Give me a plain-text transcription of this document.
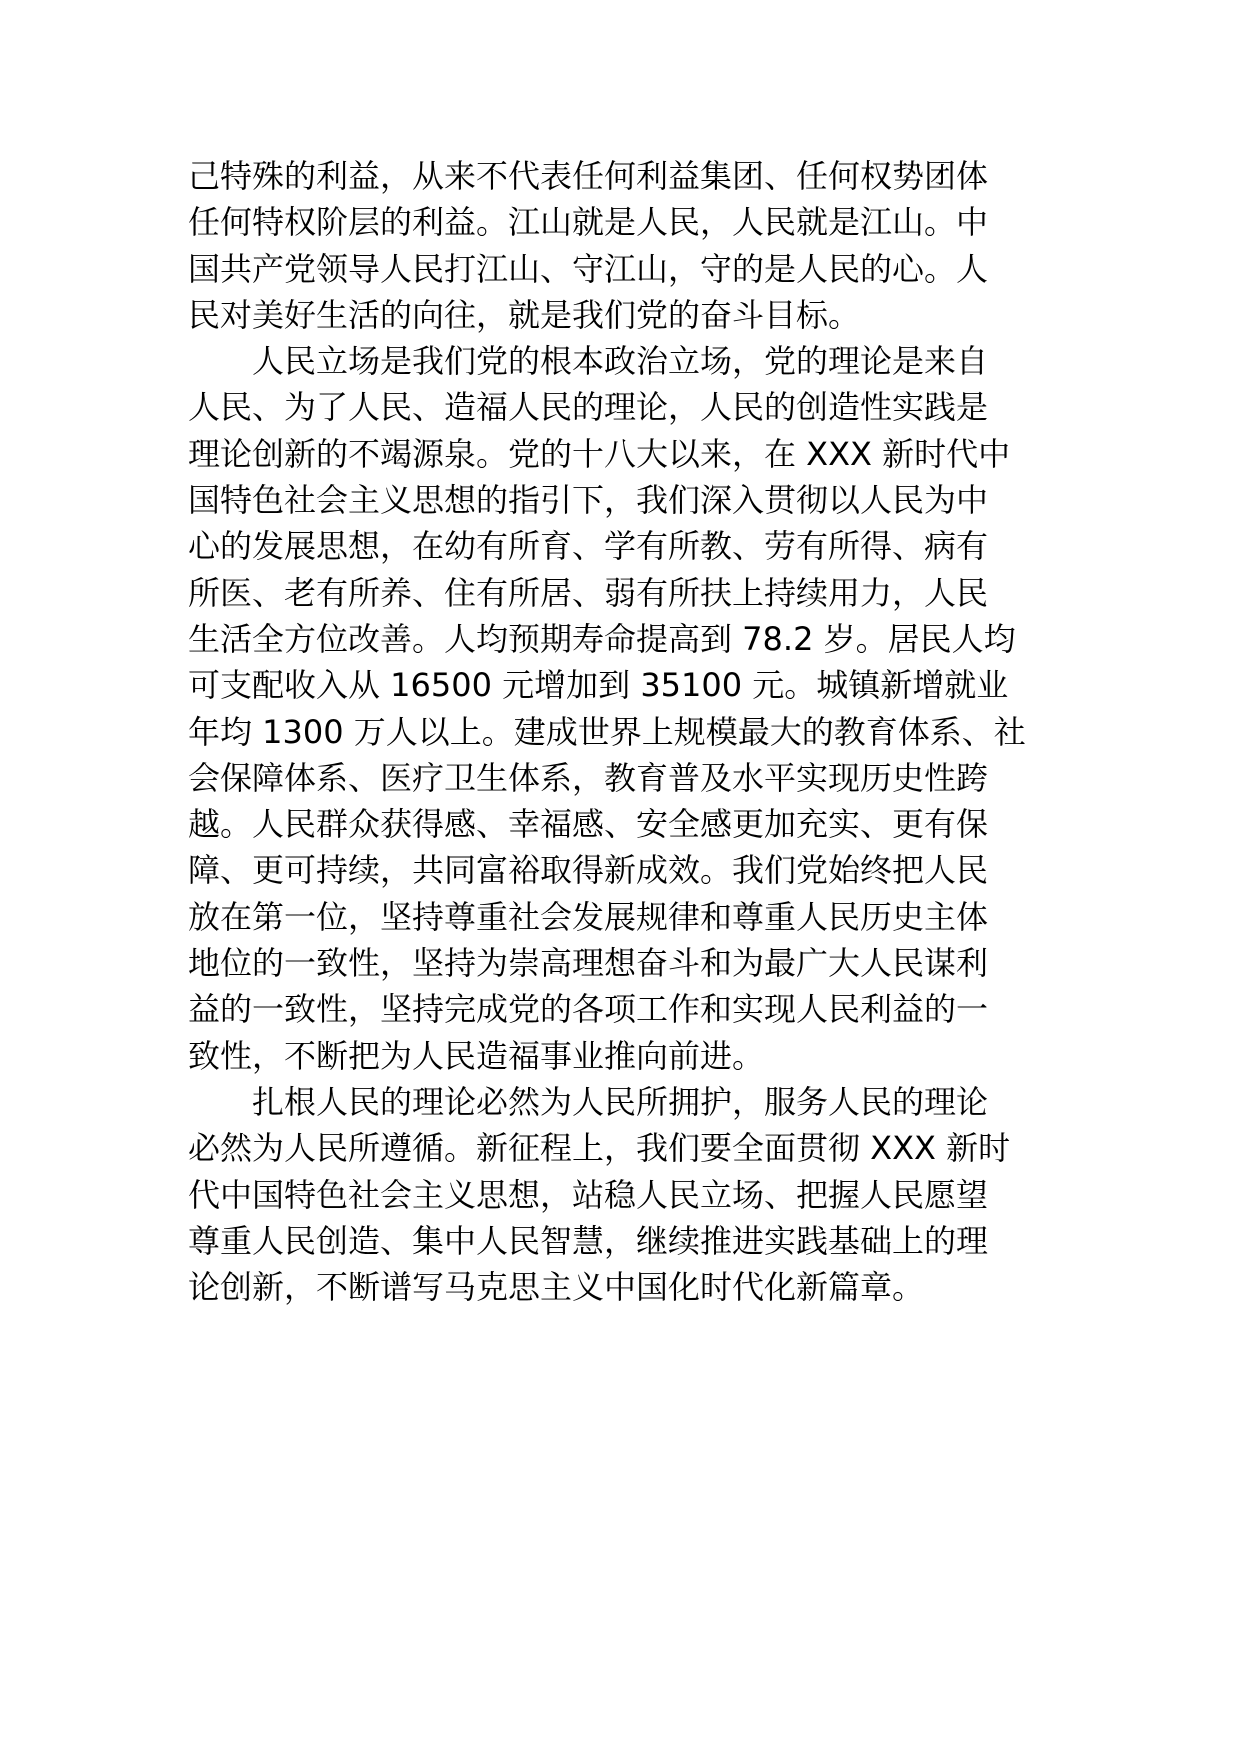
己特殊的利益，从来不代表任何利益集团、任何权势团体
任何特权阶层的利益。江山就是人民，人民就是江山。中
国共产党领导人民打江山、守江山，守的是人民的心。人
民对美好生活的向往，就是我们党的奋斗目标。
人民立场是我们党的根本政治立场，党的理论是来自
人民、为了人民、造福人民的理论，人民的创造性实践是
理论创新的不竭源泉。党的十八大以来，在 XXX 新时代中
国特色社会主义思想的指引下，我们深入贯彻以人民为中
心的发展思想，在幼有所育、学有所教、劳有所得、病有
所医、老有所养、住有所居、弱有所扶上持续用力，人民
生活全方位改善。人均预期寿命提高到 78.2 岁。居民人均
可支配收入从 16500 元增加到 35100 元。城镇新增就业
年均 1300 万人以上。建成世界上规模最大的教育体系、社
会保障体系、医疗卫生体系，教育普及水平实现历史性跨
越。人民群众获得感、幸福感、安全感更加充实、更有保
障、更可持续，共同富裕取得新成效。我们党始终把人民
放在第一位，坚持尊重社会发展规律和尊重人民历史主体
地位的一致性，坚持为崇高理想奋斗和为最广大人民谋利
益的一致性，坚持完成党的各项工作和实现人民利益的一
致性，不断把为人民造福事业推向前进。
扎根人民的理论必然为人民所拥护，服务人民的理论
必然为人民所遵循。新征程上，我们要全面贯彻 XXX 新时
代中国特色社会主义思想，站稳人民立场、把握人民愿望
尊重人民创造、集中人民智慧，继续推进实践基础上的理
论创新，不断谱写马克思主义中国化时代化新篇章。
